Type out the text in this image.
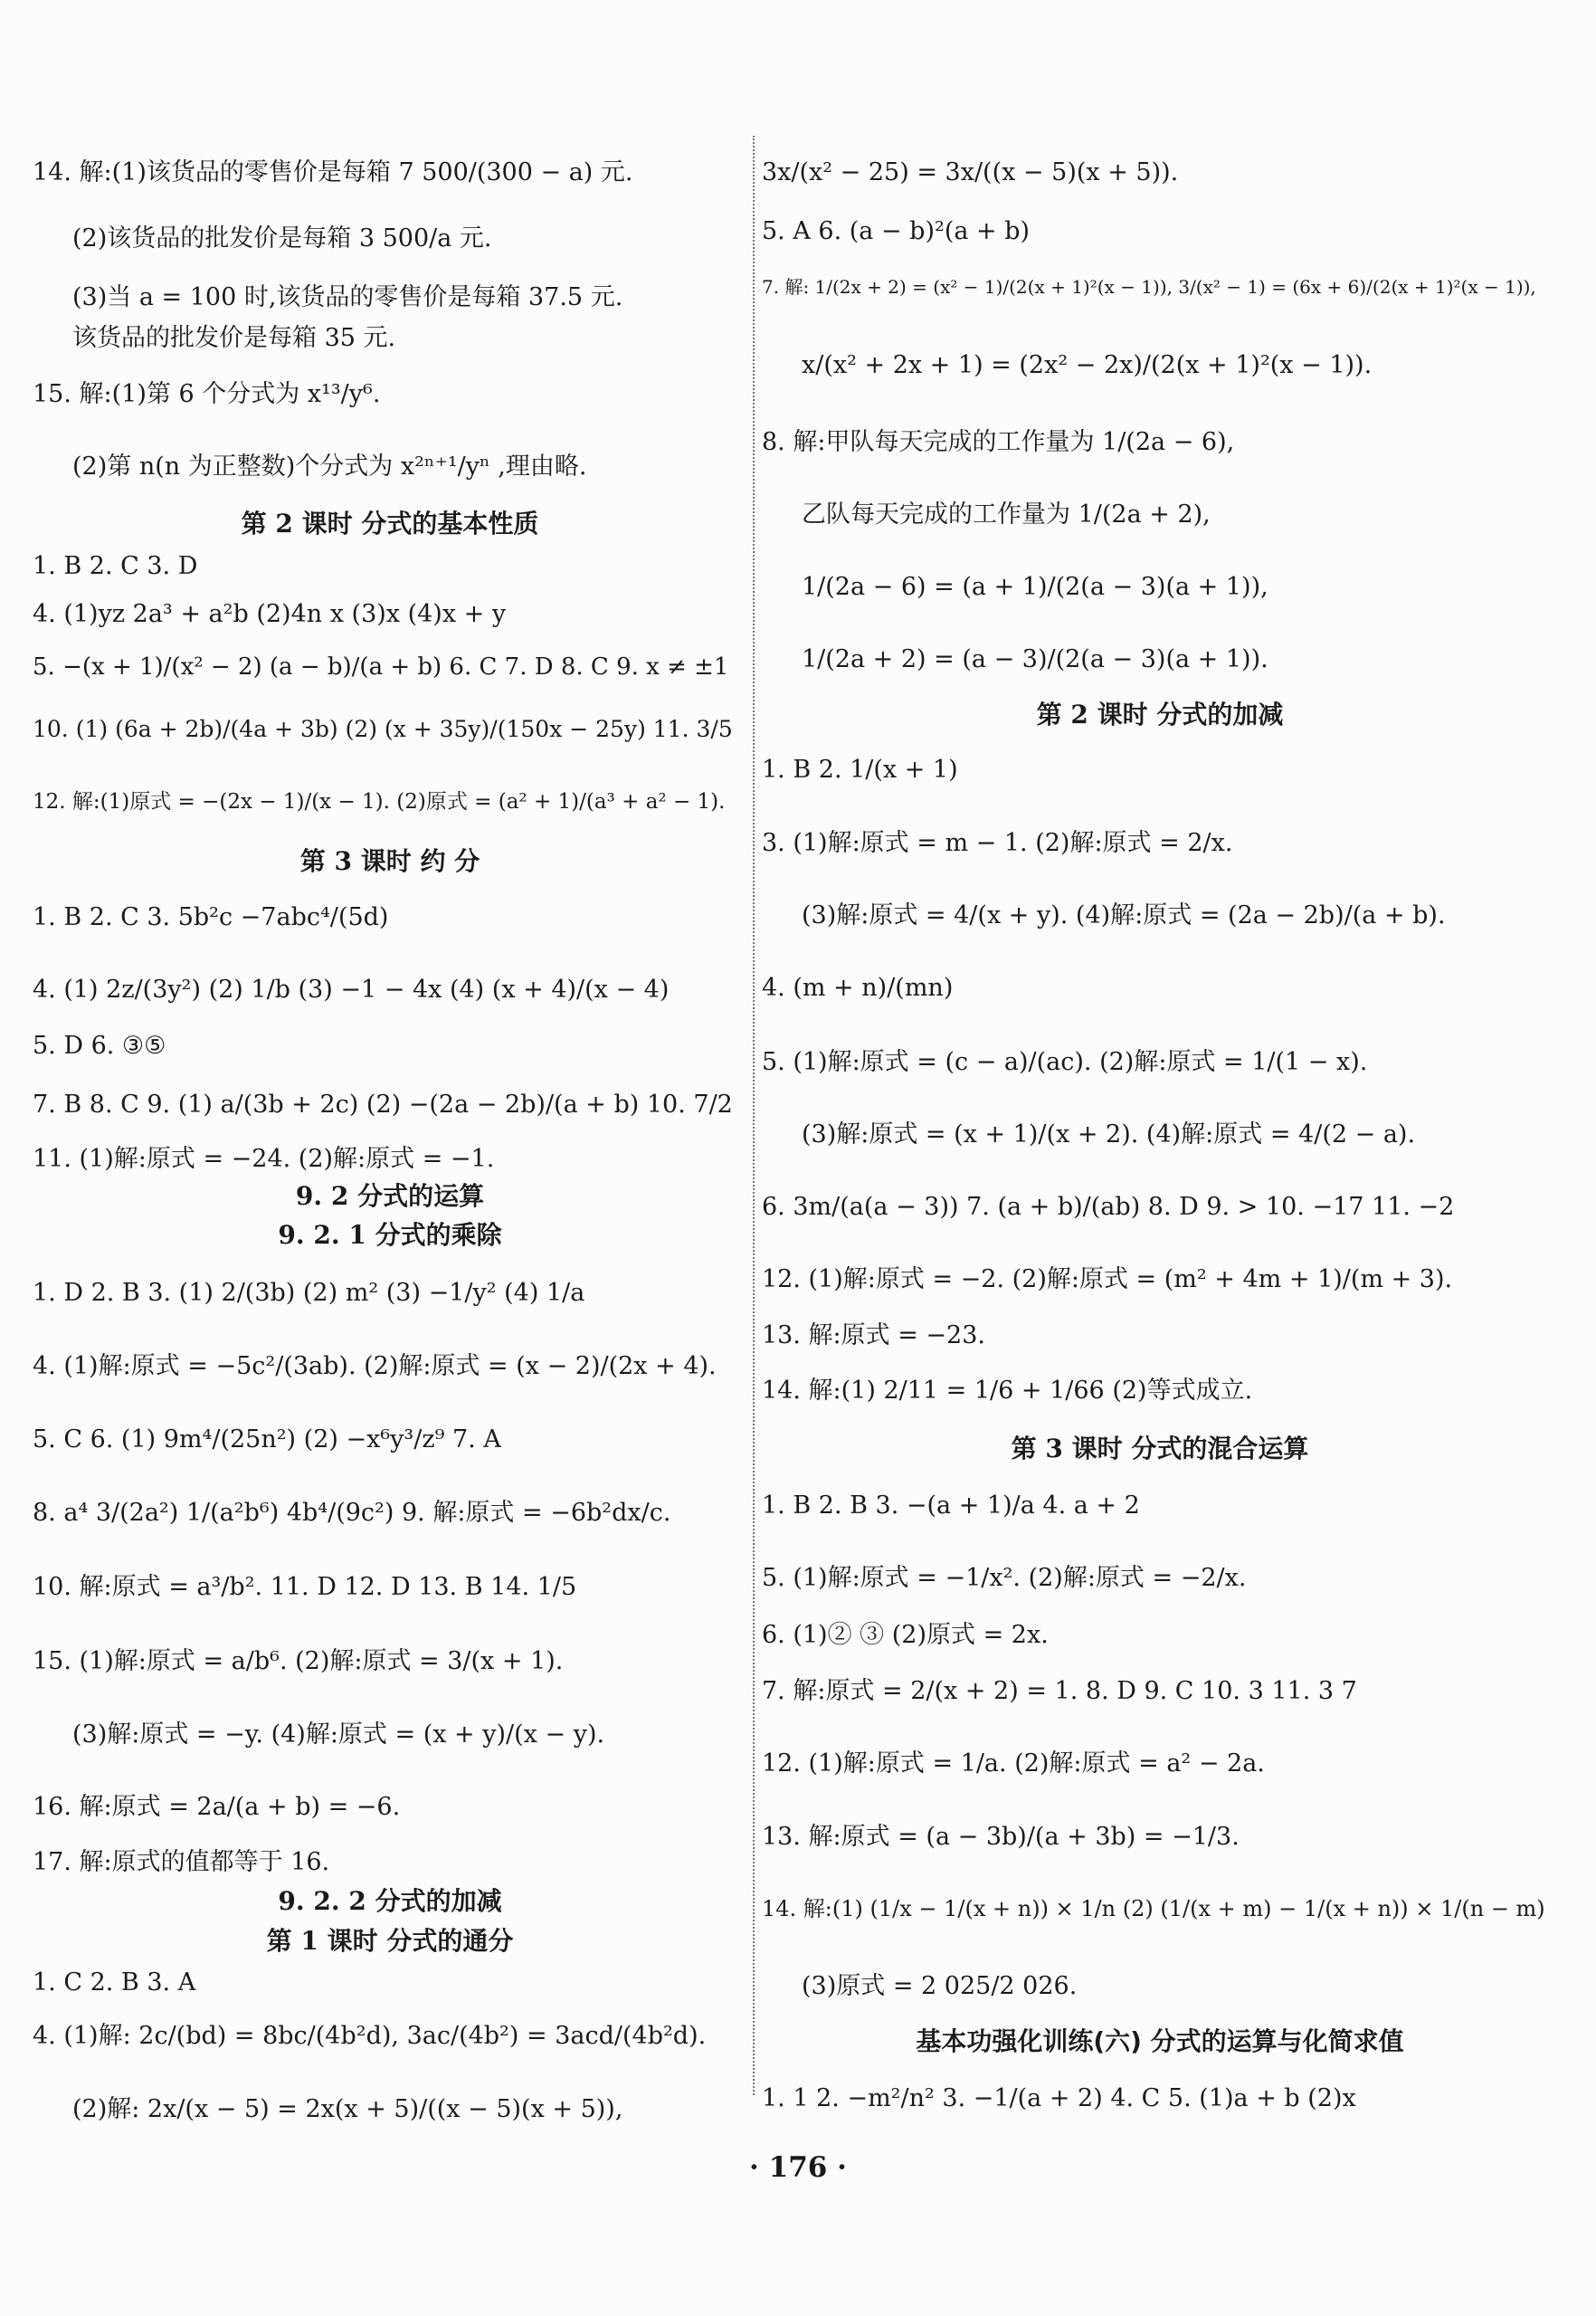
14. 解:(1)该货品的零售价是每箱 7 500/(300 − a) 元.
(2)该货品的批发价是每箱 3 500/a 元.
(3)当 a = 100 时,该货品的零售价是每箱 37.5 元.
该货品的批发价是每箱 35 元.
15. 解:(1)第 6 个分式为 x¹³/y⁶.
(2)第 n(n 为正整数)个分式为 x²ⁿ⁺¹/yⁿ ,理由略.
第 2 课时 分式的基本性质
1. B 2. C 3. D
4. (1)yz 2a³ + a²b (2)4n x (3)x (4)x + y
5. −(x + 1)/(x² − 2) (a − b)/(a + b) 6. C 7. D 8. C 9. x ≠ ±1
10. (1) (6a + 2b)/(4a + 3b) (2) (x + 35y)/(150x − 25y) 11. 3/5
12. 解:(1)原式 = −(2x − 1)/(x − 1). (2)原式 = (a² + 1)/(a³ + a² − 1).
第 3 课时 约 分
1. B 2. C 3. 5b²c −7abc⁴/(5d)
4. (1) 2z/(3y²) (2) 1/b (3) −1 − 4x (4) (x + 4)/(x − 4)
5. D 6. ③⑤
7. B 8. C 9. (1) a/(3b + 2c) (2) −(2a − 2b)/(a + b) 10. 7/2
11. (1)解:原式 = −24. (2)解:原式 = −1.
9. 2 分式的运算
9. 2. 1 分式的乘除
1. D 2. B 3. (1) 2/(3b) (2) m² (3) −1/y² (4) 1/a
4. (1)解:原式 = −5c²/(3ab). (2)解:原式 = (x − 2)/(2x + 4).
5. C 6. (1) 9m⁴/(25n²) (2) −x⁶y³/z⁹ 7. A
8. a⁴ 3/(2a²) 1/(a²b⁶) 4b⁴/(9c²) 9. 解:原式 = −6b²dx/c.
10. 解:原式 = a³/b². 11. D 12. D 13. B 14. 1/5
15. (1)解:原式 = a/b⁶. (2)解:原式 = 3/(x + 1).
(3)解:原式 = −y. (4)解:原式 = (x + y)/(x − y).
16. 解:原式 = 2a/(a + b) = −6.
17. 解:原式的值都等于 16.
9. 2. 2 分式的加减
第 1 课时 分式的通分
1. C 2. B 3. A
4. (1)解: 2c/(bd) = 8bc/(4b²d), 3ac/(4b²) = 3acd/(4b²d).
(2)解: 2x/(x − 5) = 2x(x + 5)/((x − 5)(x + 5)),
3x/(x² − 25) = 3x/((x − 5)(x + 5)).
5. A 6. (a − b)²(a + b)
7. 解: 1/(2x + 2) = (x² − 1)/(2(x + 1)²(x − 1)), 3/(x² − 1) = (6x + 6)/(2(x + 1)²(x − 1)),
x/(x² + 2x + 1) = (2x² − 2x)/(2(x + 1)²(x − 1)).
8. 解:甲队每天完成的工作量为 1/(2a − 6),
乙队每天完成的工作量为 1/(2a + 2),
1/(2a − 6) = (a + 1)/(2(a − 3)(a + 1)),
1/(2a + 2) = (a − 3)/(2(a − 3)(a + 1)).
第 2 课时 分式的加减
1. B 2. 1/(x + 1)
3. (1)解:原式 = m − 1. (2)解:原式 = 2/x.
(3)解:原式 = 4/(x + y). (4)解:原式 = (2a − 2b)/(a + b).
4. (m + n)/(mn)
5. (1)解:原式 = (c − a)/(ac). (2)解:原式 = 1/(1 − x).
(3)解:原式 = (x + 1)/(x + 2). (4)解:原式 = 4/(2 − a).
6. 3m/(a(a − 3)) 7. (a + b)/(ab) 8. D 9. > 10. −17 11. −2
12. (1)解:原式 = −2. (2)解:原式 = (m² + 4m + 1)/(m + 3).
13. 解:原式 = −23.
14. 解:(1) 2/11 = 1/6 + 1/66 (2)等式成立.
第 3 课时 分式的混合运算
1. B 2. B 3. −(a + 1)/a 4. a + 2
5. (1)解:原式 = −1/x². (2)解:原式 = −2/x.
6. (1)② ③ (2)原式 = 2x.
7. 解:原式 = 2/(x + 2) = 1. 8. D 9. C 10. 3 11. 3 7
12. (1)解:原式 = 1/a. (2)解:原式 = a² − 2a.
13. 解:原式 = (a − 3b)/(a + 3b) = −1/3.
14. 解:(1) (1/x − 1/(x + n)) × 1/n (2) (1/(x + m) − 1/(x + n)) × 1/(n − m)
(3)原式 = 2 025/2 026.
基本功强化训练(六) 分式的运算与化简求值
1. 1 2. −m²/n² 3. −1/(a + 2) 4. C 5. (1)a + b (2)x
· 176 ·
